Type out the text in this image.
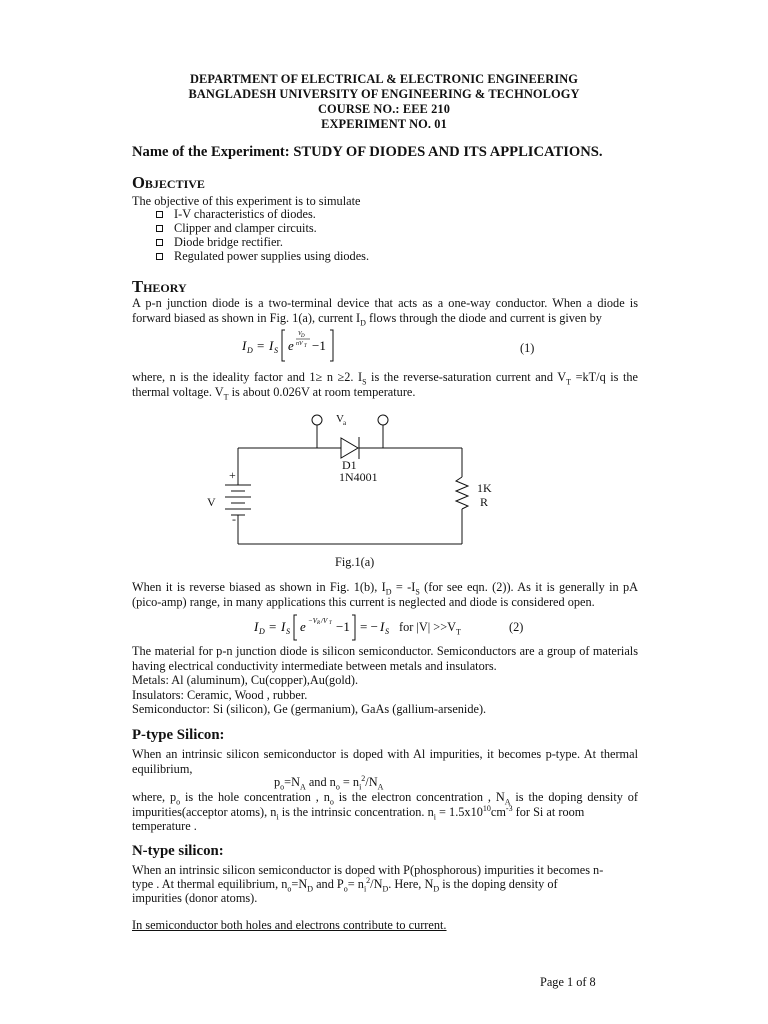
DEPARTMENT OF ELECTRICAL & ELECTRONIC ENGINEERING
BANGLADESH UNIVERSITY OF ENGINEERING & TECHNOLOGY
COURSE NO.: EEE 210
EXPERIMENT NO. 01
Name of the Experiment: STUDY OF DIODES AND ITS APPLICATIONS.
Objective
The objective of this experiment is to simulate
I-V characteristics of diodes.
Clipper and clamper circuits.
Diode bridge rectifier.
Regulated power supplies using diodes.
Theory
A p-n junction diode is a two-terminal device that acts as a one-way conductor. When a diode is forward biased as shown in Fig. 1(a), current $I_D$ flows through the diode and current is given by
I D = I S e
V D
nV T −1	(1)
where, n is the ideality factor and 1≥ n ≥2. $I_S$ is the reverse-saturation current and $V_T =kT/q$ is the thermal voltage. $V_T$ is about 0.026V at room temperature.
V a
D1
1N4001
1K
R
+
V
-
Fig.1(a)
When it is reverse biased as shown in Fig. 1(b), $I_D = -I_S$ (for see eqn. (2)). As it is generally in pA (pico-amp) range, in many applications this current is neglected and diode is considered open.
I D = I S e −V R /V T −1 = − I S for $|V| >>V_T$	(2)
The material for p-n junction diode is silicon semiconductor. Semiconductors are a group of materials having electrical conductivity intermediate between metals and insulators.
Metals: Al (aluminum), Cu(copper),Au(gold).
Insulators: Ceramic, Wood , rubber.
Semiconductor: Si (silicon), Ge (germanium), GaAs (gallium-arsenide).
P-type Silicon:
When an intrinsic silicon semiconductor is doped with Al impurities, it becomes p-type. At thermal equilibrium,
$p_o=N_A$ and $n_o = n_i^2/N_A$
where, $p_o$ is the hole concentration , $n_o$ is the electron concentration , $N_A$ is the doping density of impurities(acceptor atoms), $n_i$ is the intrinsic concentration. $n_i = 1.5x10^{10}cm^{-3}$ for Si at room
temperature .
N-type silicon:
When an intrinsic silicon semiconductor is doped with P(phosphorous) impurities it becomes n-
type . At thermal equilibrium, $n_o=N_D$ and $P_o= n_i^2/N_D$. Here, $N_D$ is the doping density of
impurities (donor atoms).
In semiconductor both holes and electrons contribute to current.
Page 1 of 8
